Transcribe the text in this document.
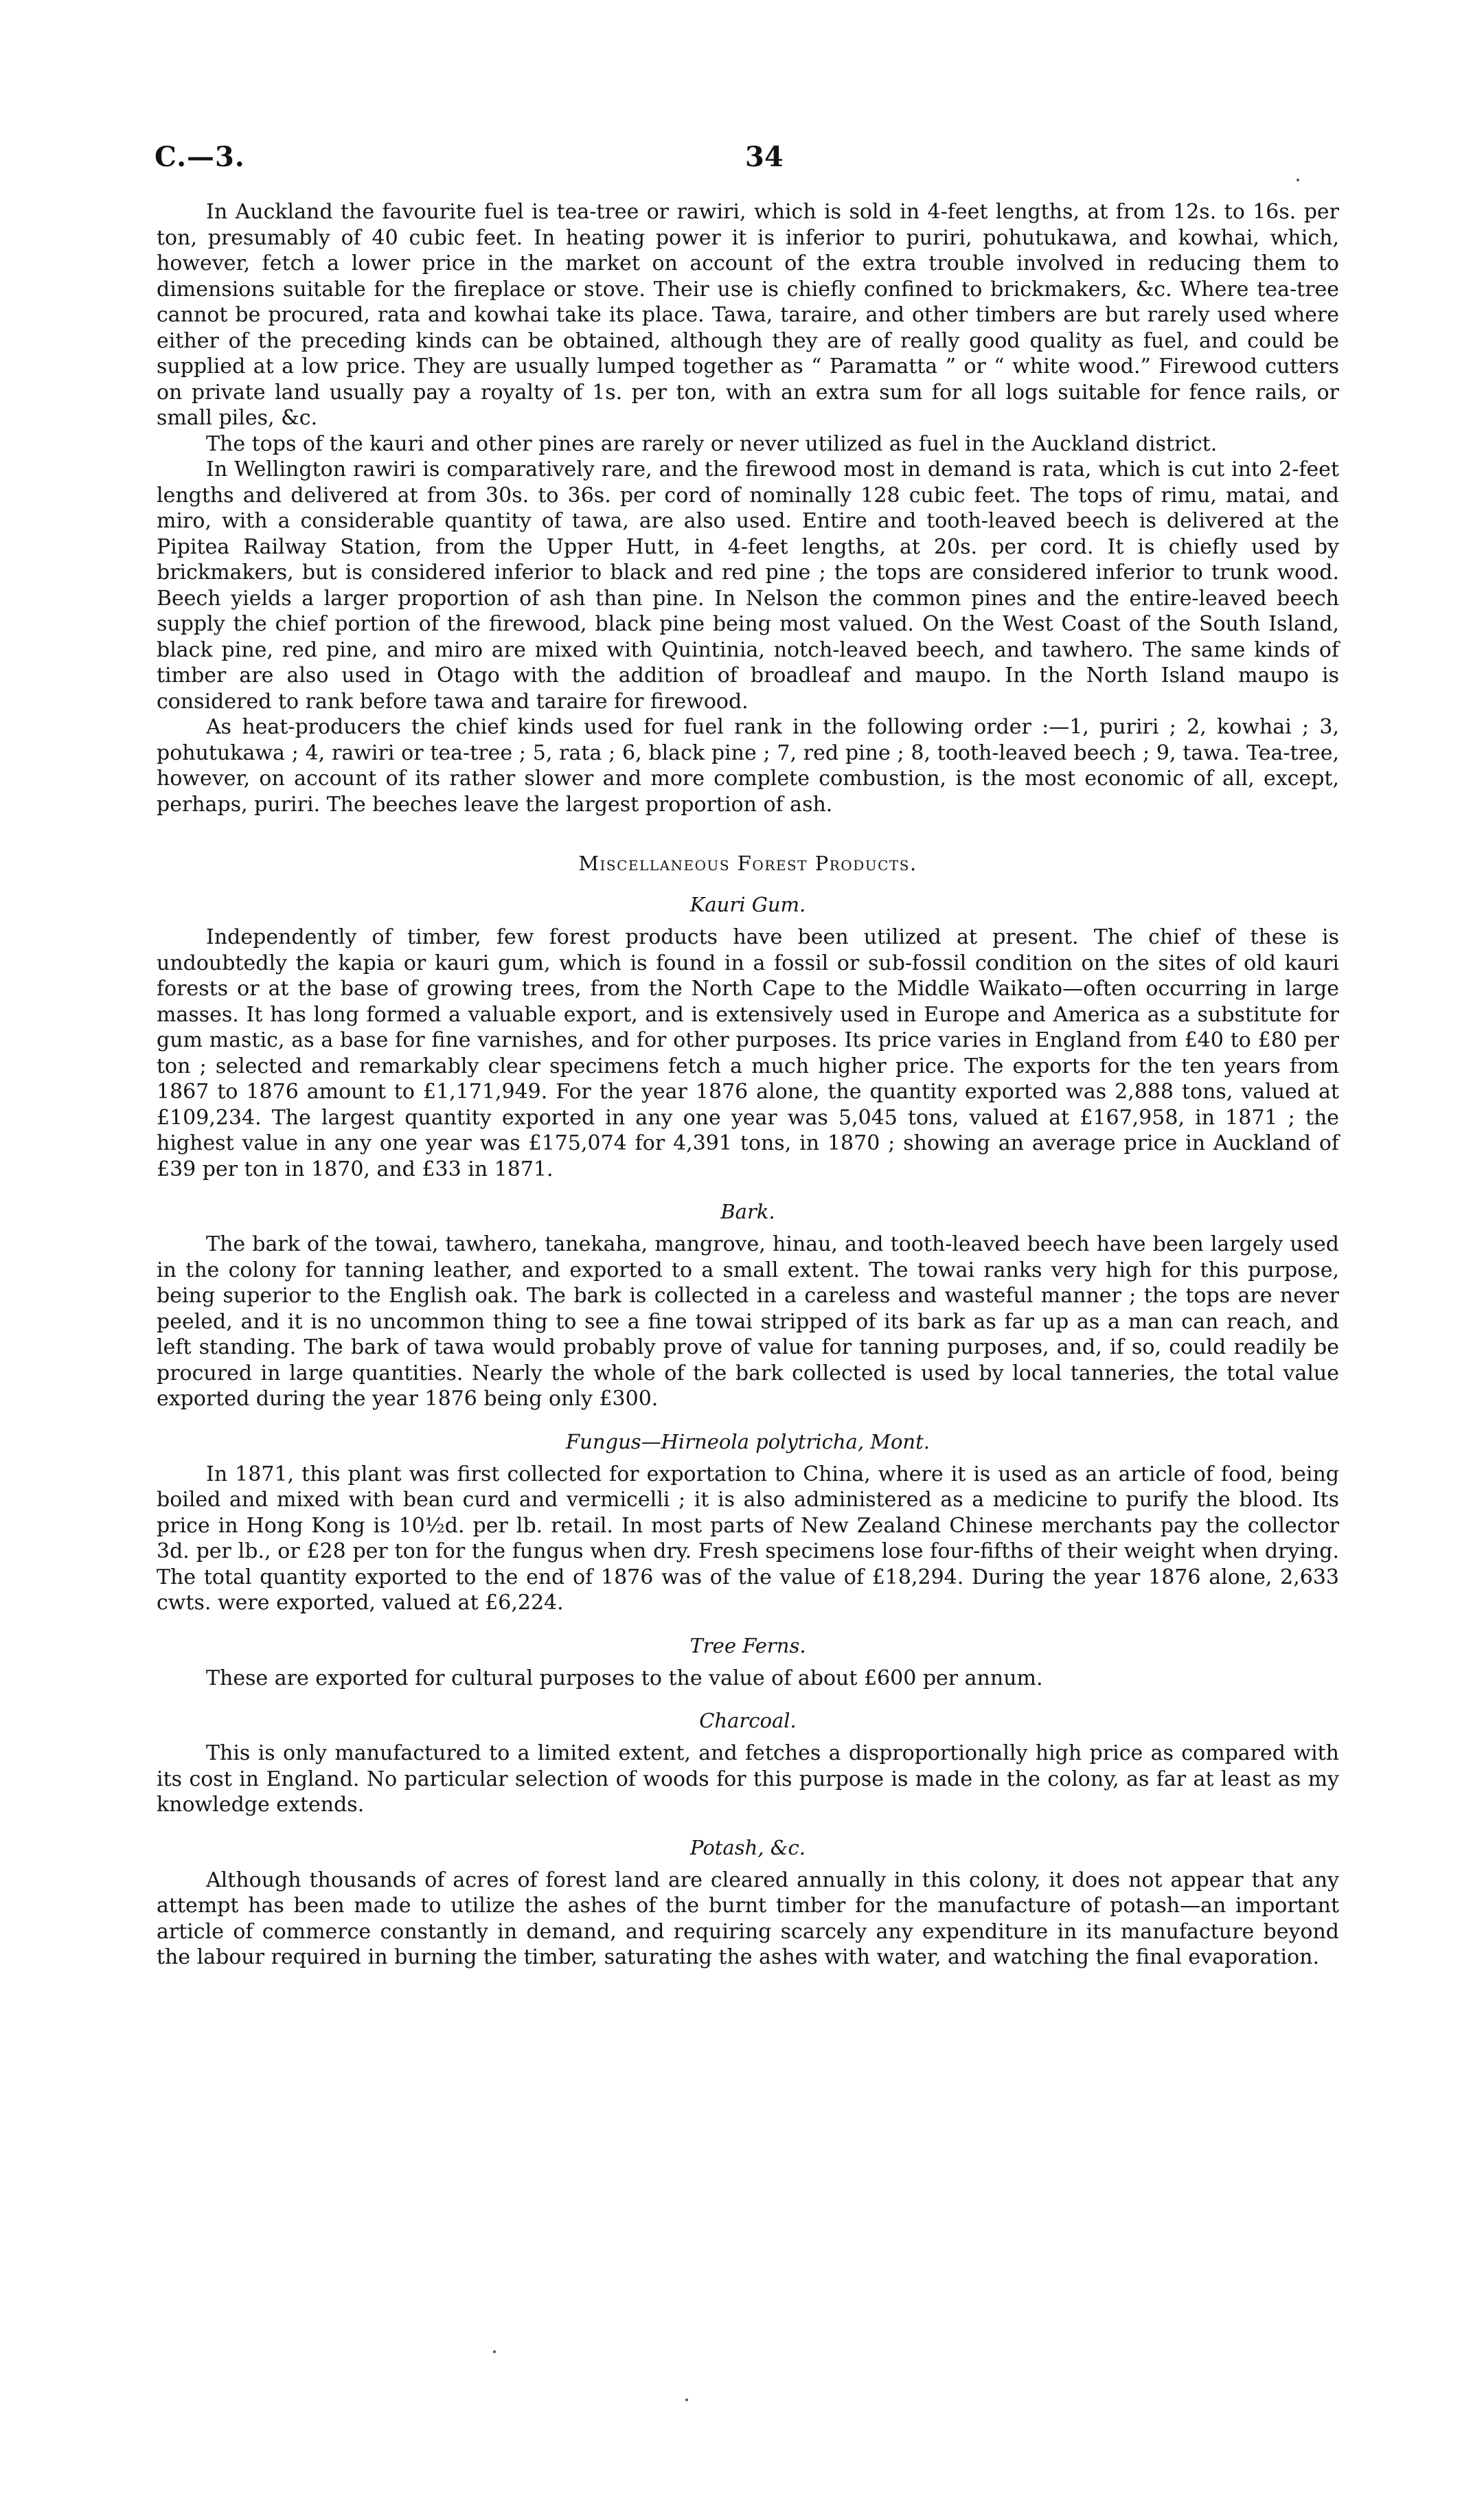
C.—3.	34

In Auckland the favourite fuel is tea-tree or rawiri, which is sold in 4-feet lengths, at from 12s. to 16s. per ton, presumably of 40 cubic feet. In heating power it is inferior to puriri, pohutukawa, and kowhai, which, however, fetch a lower price in the market on account of the extra trouble involved in reducing them to dimensions suitable for the fireplace or stove. Their use is chiefly confined to brickmakers, &c. Where tea-tree cannot be procured, rata and kowhai take its place. Tawa, taraire, and other timbers are but rarely used where either of the preceding kinds can be obtained, although they are of really good quality as fuel, and could be supplied at a low price. They are usually lumped together as “ Paramatta ” or “ white wood.” Firewood cutters on private land usually pay a royalty of 1s. per ton, with an extra sum for all logs suitable for fence rails, or small piles, &c.

The tops of the kauri and other pines are rarely or never utilized as fuel in the Auckland district.

In Wellington rawiri is comparatively rare, and the firewood most in demand is rata, which is cut into 2-feet lengths and delivered at from 30s. to 36s. per cord of nominally 128 cubic feet. The tops of rimu, matai, and miro, with a considerable quantity of tawa, are also used. Entire and tooth-leaved beech is delivered at the Pipitea Railway Station, from the Upper Hutt, in 4-feet lengths, at 20s. per cord. It is chiefly used by brickmakers, but is considered inferior to black and red pine ; the tops are considered inferior to trunk wood. Beech yields a larger proportion of ash than pine. In Nelson the common pines and the entire-leaved beech supply the chief portion of the firewood, black pine being most valued. On the West Coast of the South Island, black pine, red pine, and miro are mixed with Quintinia, notch-leaved beech, and tawhero. The same kinds of timber are also used in Otago with the addition of broadleaf and maupo. In the North Island maupo is considered to rank before tawa and taraire for firewood.

As heat-producers the chief kinds used for fuel rank in the following order :—1, puriri ; 2, kowhai ; 3, pohutukawa ; 4, rawiri or tea-tree ; 5, rata ; 6, black pine ; 7, red pine ; 8, tooth-leaved beech ; 9, tawa. Tea-tree, however, on account of its rather slower and more complete combustion, is the most economic of all, except, perhaps, puriri. The beeches leave the largest proportion of ash.

Miscellaneous Forest Products.
Kauri Gum.

Independently of timber, few forest products have been utilized at present. The chief of these is undoubtedly the kapia or kauri gum, which is found in a fossil or sub-fossil condition on the sites of old kauri forests or at the base of growing trees, from the North Cape to the Middle Waikato—often occurring in large masses. It has long formed a valuable export, and is extensively used in Europe and America as a substitute for gum mastic, as a base for fine varnishes, and for other purposes. Its price varies in England from £40 to £80 per ton ; selected and remarkably clear specimens fetch a much higher price. The exports for the ten years from 1867 to 1876 amount to £1,171,949. For the year 1876 alone, the quantity exported was 2,888 tons, valued at £109,234. The largest quantity exported in any one year was 5,045 tons, valued at £167,958, in 1871 ; the highest value in any one year was £175,074 for 4,391 tons, in 1870 ; showing an average price in Auckland of £39 per ton in 1870, and £33 in 1871.

Bark.

The bark of the towai, tawhero, tanekaha, mangrove, hinau, and tooth-leaved beech have been largely used in the colony for tanning leather, and exported to a small extent. The towai ranks very high for this purpose, being superior to the English oak. The bark is collected in a careless and wasteful manner ; the tops are never peeled, and it is no uncommon thing to see a fine towai stripped of its bark as far up as a man can reach, and left standing. The bark of tawa would probably prove of value for tanning purposes, and, if so, could readily be procured in large quantities. Nearly the whole of the bark collected is used by local tanneries, the total value exported during the year 1876 being only £300.

Fungus—Hirneola polytricha, Mont.

In 1871, this plant was first collected for exportation to China, where it is used as an article of food, being boiled and mixed with bean curd and vermicelli ; it is also administered as a medicine to purify the blood. Its price in Hong Kong is 10½d. per lb. retail. In most parts of New Zealand Chinese merchants pay the collector 3d. per lb., or £28 per ton for the fungus when dry. Fresh specimens lose four-fifths of their weight when drying. The total quantity exported to the end of 1876 was of the value of £18,294. During the year 1876 alone, 2,633 cwts. were exported, valued at £6,224.

Tree Ferns.

These are exported for cultural purposes to the value of about £600 per annum.

Charcoal.

This is only manufactured to a limited extent, and fetches a disproportionally high price as compared with its cost in England. No particular selection of woods for this purpose is made in the colony, as far at least as my knowledge extends.

Potash, &c.

Although thousands of acres of forest land are cleared annually in this colony, it does not appear that any attempt has been made to utilize the ashes of the burnt timber for the manufacture of potash—an important article of commerce constantly in demand, and requiring scarcely any expenditure in its manufacture beyond the labour required in burning the timber, saturating the ashes with water, and watching the final evaporation.
